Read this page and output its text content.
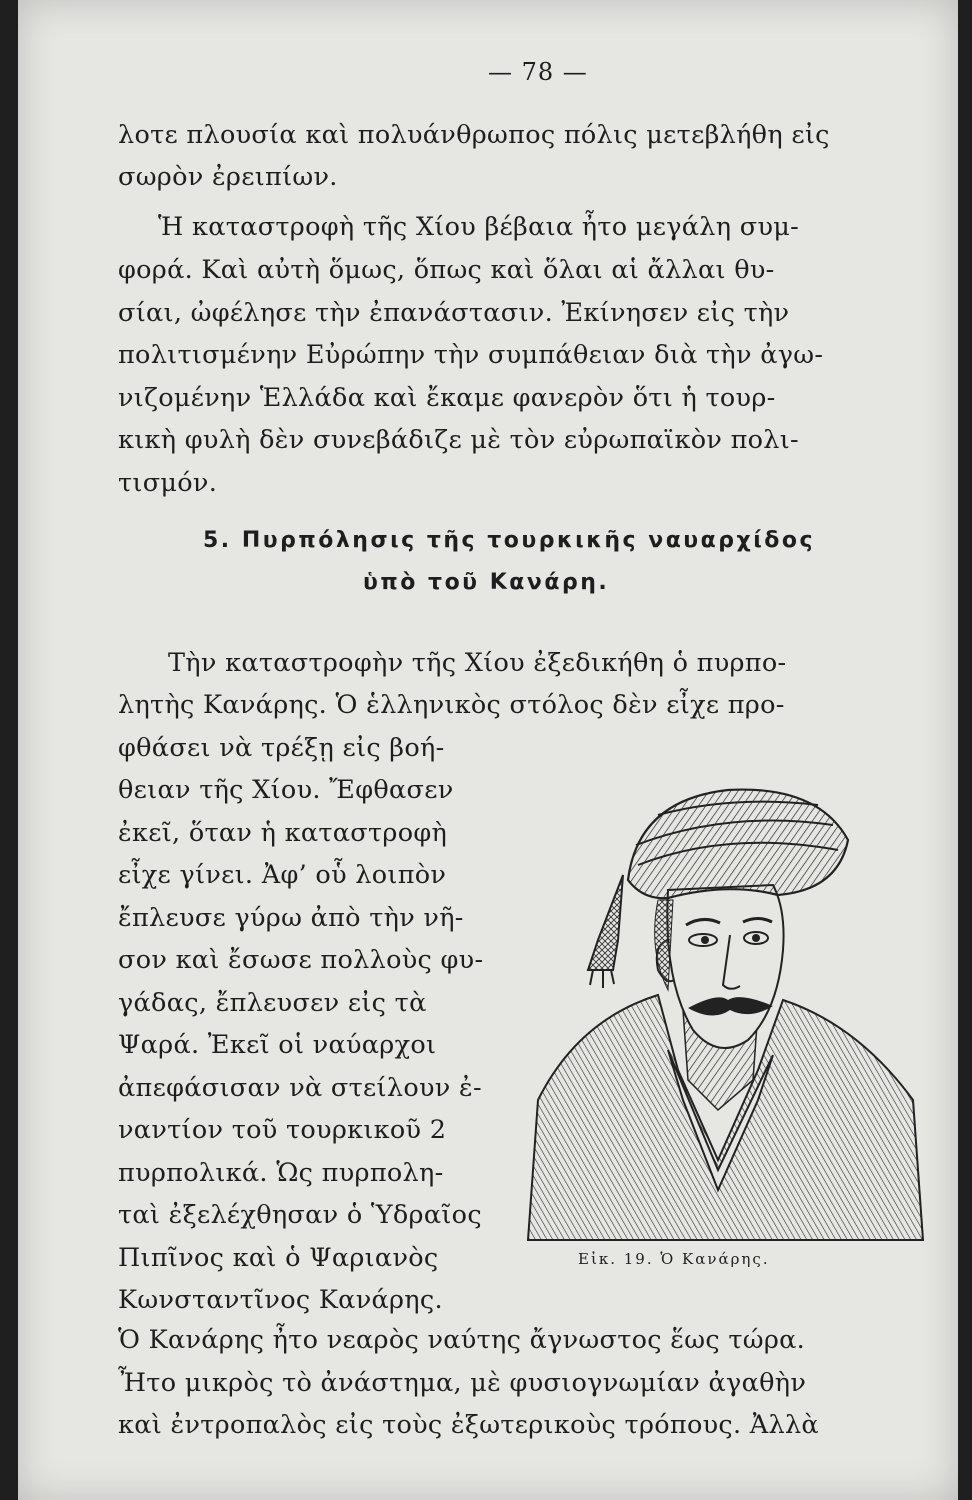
— 78 —
λοτε πλουσία καὶ πολυάνθρωπος πόλις μετεβλήθη εἰς
σωρὸν ἐρειπίων.
Ἡ καταστροφὴ τῆς Χίου βέβαια ἦτο μεγάλη συμ-
φορά. Καὶ αὐτὴ ὅμως, ὅπως καὶ ὅλαι αἱ ἄλλαι θυ-
σίαι, ὠφέλησε τὴν ἐπανάστασιν. Ἐκίνησεν εἰς τὴν
πολιτισμένην Εὐρώπην τὴν συμπάθειαν διὰ τὴν ἀγω-
νιζομένην Ἑλλάδα καὶ ἔκαμε φανερὸν ὅτι ἡ τουρ-
κικὴ φυλὴ δὲν συνεβάδιζε μὲ τὸν εὐρωπαϊκὸν πολι-
τισμόν.
5. Πυρπόλησις τῆς τουρκικῆς ναυαρχίδος
ὑπὸ τοῦ Κανάρη.
Τὴν καταστροφὴν τῆς Χίου ἐξεδικήθη ὁ πυρπο-
λητὴς Κανάρης. Ὁ ἑλληνικὸς στόλος δὲν εἶχε προ-
φθάσει νὰ τρέξῃ εἰς βοή-
θειαν τῆς Χίου. Ἔφθασεν
ἐκεῖ, ὅταν ἡ καταστροφὴ
εἶχε γίνει. Ἀφ’ οὗ λοιπὸν
ἔπλευσε γύρω ἀπὸ τὴν νῆ-
σον καὶ ἔσωσε πολλοὺς φυ-
γάδας, ἔπλευσεν εἰς τὰ
Ψαρά. Ἐκεῖ οἱ ναύαρχοι
ἀπεφάσισαν νὰ στείλουν ἐ-
ναντίον τοῦ τουρκικοῦ 2
πυρπολικά. Ὡς πυρπολη-
ταὶ ἐξελέχθησαν ὁ Ὑδραῖος
Πιπῖνος καὶ ὁ Ψαριανὸς
Κωνσταντῖνος Κανάρης.
Ὁ Κανάρης ἦτο νεαρὸς ναύτης ἄγνωστος ἕως τώρα.
Ἦτο μικρὸς τὸ ἀνάστημα, μὲ φυσιογνωμίαν ἀγαθὴν
καὶ ἐντροπαλὸς εἰς τοὺς ἐξωτερικοὺς τρόπους. Ἀλλὰ
Εἰκ. 19. Ὁ Κανάρης.
